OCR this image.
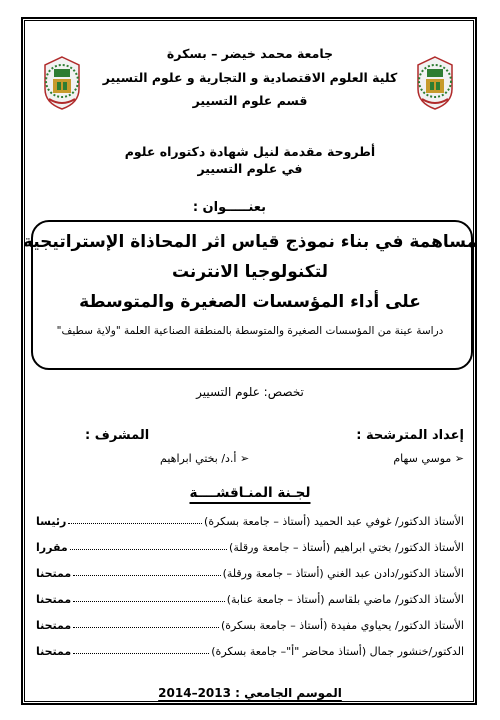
جامعة محمد خيضر – بسكرة
كلية العلوم الاقتصادية و التجارية و علوم التسيير
قسم علوم التسيير
أطروحة مقدمة لنيل شهادة دكتوراه علوم
في علوم التسيير
بعنـــــوان :
مساهمة في بناء نموذج قياس اثر المحاذاة الإستراتيجية
لتكنولوجيا الانترنت
على أداء المؤسسات الصغيرة والمتوسطة
دراسة عينة من المؤسسات الصغيرة والمتوسطة بالمنطقة الصناعية العلمة "ولاية سطيف"
تخصص: علوم التسيير
إعداد المترشحة :
المشرف :
➢ موسي سهام
➢ أ.د/ بختي ابراهيم
لجـنة المنـاقشــــة
الأستاذ الدكتور/ غوفي عبد الحميد (أستاذ – جامعة بسكرة)
رئيسا
الأستاذ الدكتور/ بختي ابراهيم (أستاذ – جامعة ورقلة)
مقررا
الأستاذ الدكتور/دادن عبد الغني (أستاذ – جامعة ورقلة)
ممتحنا
الأستاذ الدكتور/ ماضي بلقاسم (أستاذ – جامعة عنابة)
ممتحنا
الأستاذ الدكتور/ يحياوي مفيدة (أستاذ – جامعة بسكرة)
ممتحنا
الدكتور/خنشور جمال (أستاذ محاضر "أ"– جامعة بسكرة)
ممتحنا
الموسم الجامعي : 2013–2014
